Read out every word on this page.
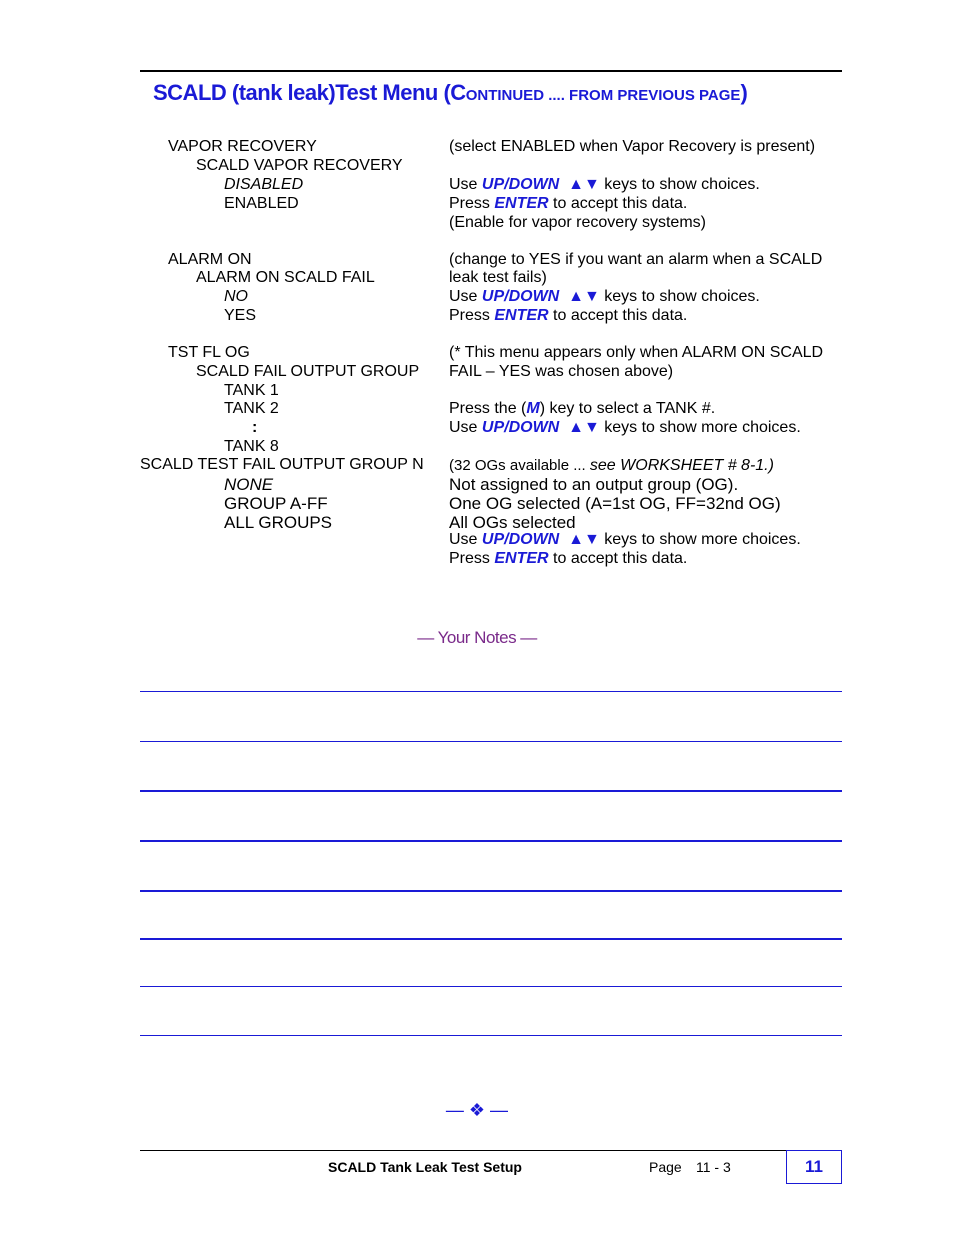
SCALD (tank leak)Test Menu (CONTINUED .... FROM PREVIOUS PAGE)
VAPOR RECOVERY
SCALD VAPOR RECOVERY
DISABLED
ENABLED
ALARM ON
ALARM ON SCALD FAIL
NO
YES
TST FL OG
SCALD FAIL OUTPUT GROUP
TANK 1
TANK 2
:
TANK 8
SCALD TEST FAIL OUTPUT GROUP N
NONE
GROUP A-FF
ALL GROUPS
(select ENABLED when Vapor Recovery is present)
Use UP/DOWN ▲▼ keys to show choices.
Press ENTER to accept this data.
(Enable for vapor recovery systems)
(change to YES if you want an alarm when a SCALD
leak test fails)
Use UP/DOWN ▲▼ keys to show choices.
Press ENTER to accept this data.
(* This menu appears only when ALARM ON SCALD
FAIL – YES was chosen above)
Press the (M) key to select a TANK #.
Use UP/DOWN ▲▼ keys to show more choices.
(32 OGs available ... see WORKSHEET # 8-1.)
Not assigned to an output group (OG).
One OG selected (A=1st OG, FF=32nd OG)
All OGs selected
Use UP/DOWN ▲▼ keys to show more choices.
Press ENTER to accept this data.
— Your Notes —
— ❖ —
SCALD Tank Leak Test Setup	Page 11 - 3	11
